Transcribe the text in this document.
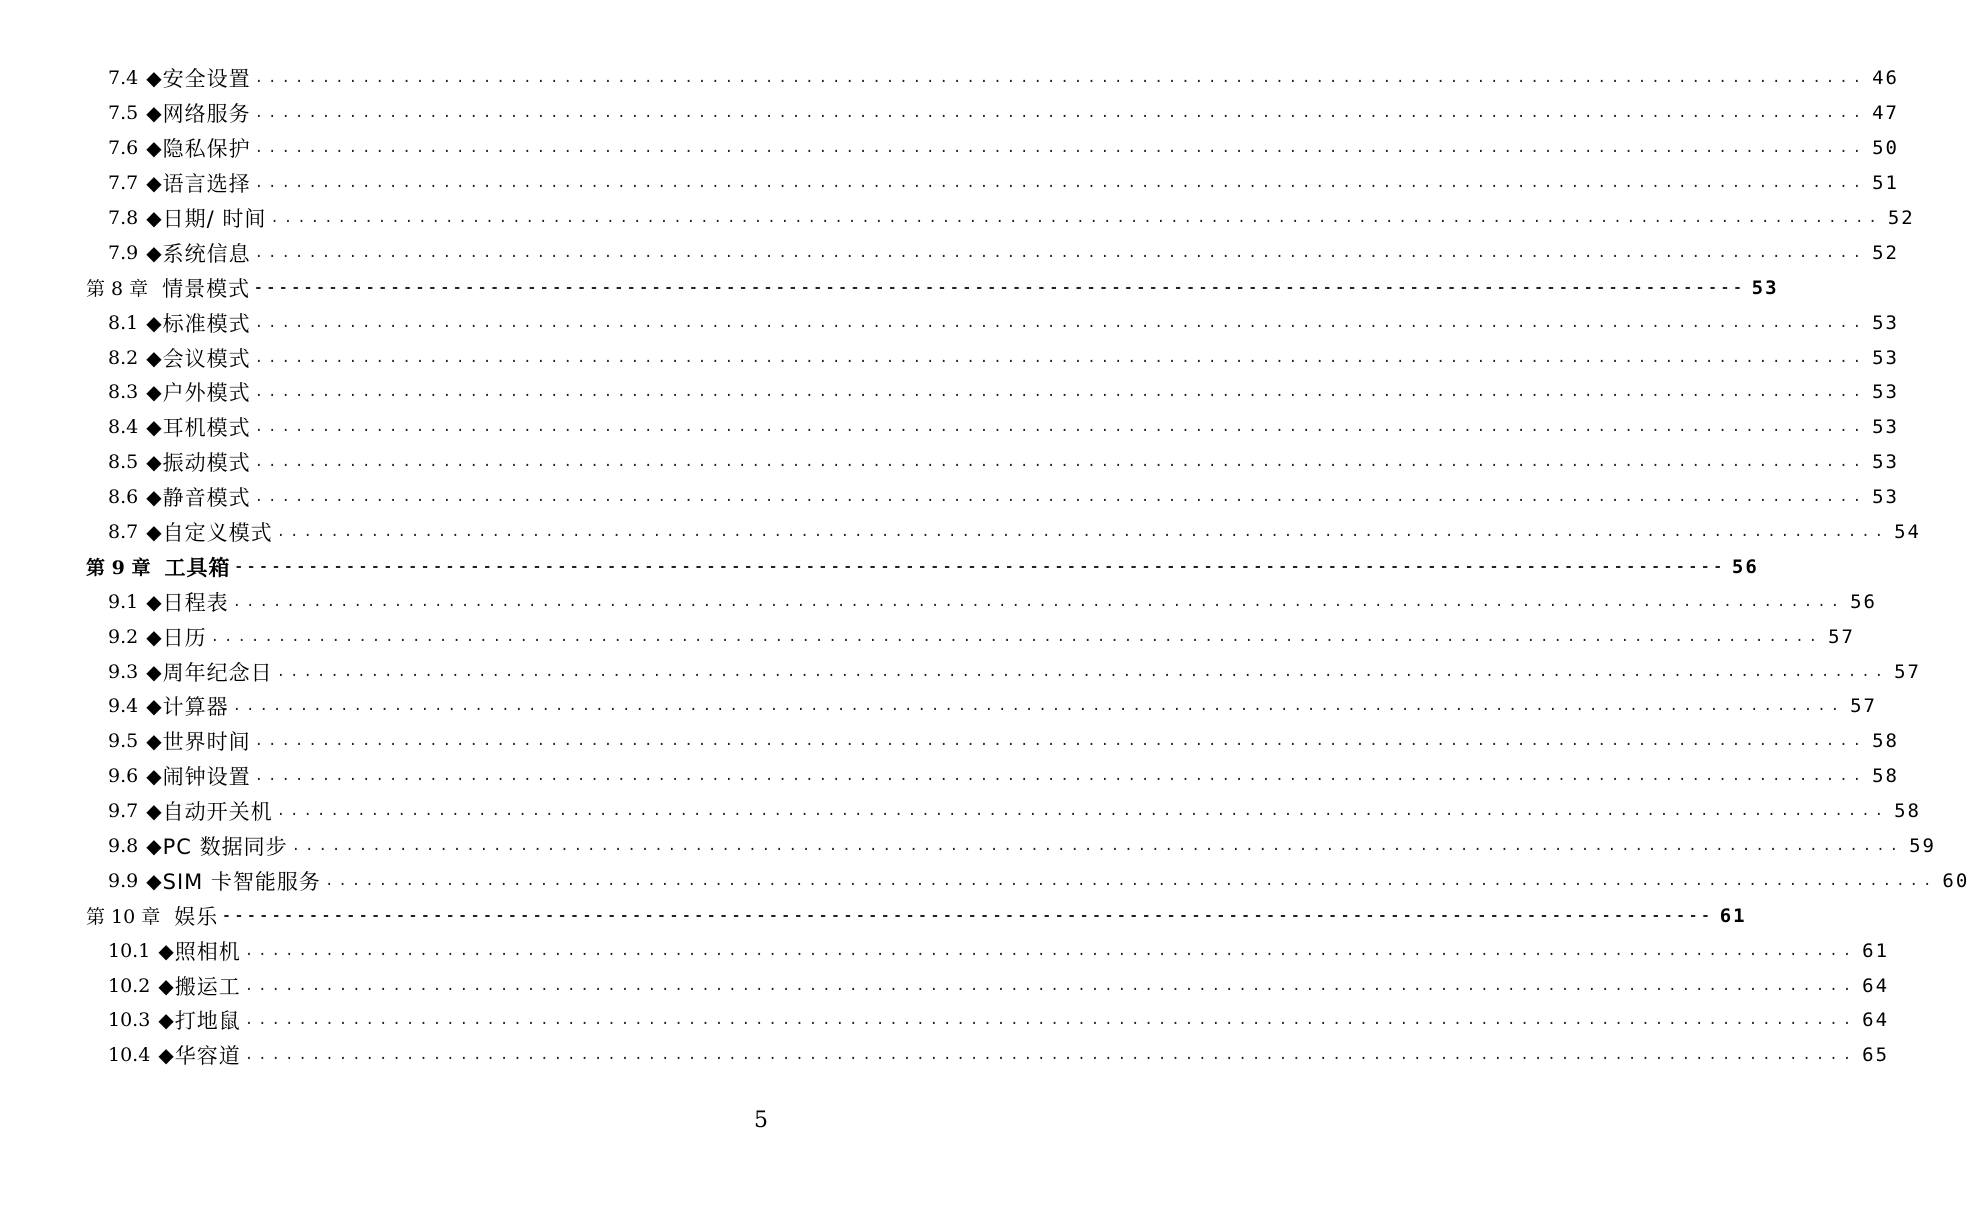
7.4 ◆ 安全设置 ........................................................................................................................ 46
7.5 ◆ 网络服务 ........................................................................................................................ 47
7.6 ◆ 隐私保护 ........................................................................................................................ 50
7.7 ◆ 语言选择 ........................................................................................................................ 51
7.8 ◆ 日期/ 时间 ........................................................................................................................ 52
7.9 ◆ 系统信息 ........................................................................................................................ 52
第 8 章 情景模式 ------------------------------------------------------------------------------------------------------------------------ 53
8.1 ◆ 标准模式 ........................................................................................................................ 53
8.2 ◆ 会议模式 ........................................................................................................................ 53
8.3 ◆ 户外模式 ........................................................................................................................ 53
8.4 ◆ 耳机模式 ........................................................................................................................ 53
8.5 ◆ 振动模式 ........................................................................................................................ 53
8.6 ◆ 静音模式 ........................................................................................................................ 53
8.7 ◆ 自定义模式 ........................................................................................................................ 54
第 9 章 工具箱 ------------------------------------------------------------------------------------------------------------------------ 56
9.1 ◆ 日程表 ........................................................................................................................ 56
9.2 ◆ 日历 ........................................................................................................................ 57
9.3 ◆ 周年纪念日 ........................................................................................................................ 57
9.4 ◆ 计算器 ........................................................................................................................ 57
9.5 ◆ 世界时间 ........................................................................................................................ 58
9.6 ◆ 闹钟设置 ........................................................................................................................ 58
9.7 ◆ 自动开关机 ........................................................................................................................ 58
9.8 ◆ PC 数据同步 ........................................................................................................................ 59
9.9 ◆ SIM 卡智能服务 ........................................................................................................................ 60
第 10 章 娱乐 ------------------------------------------------------------------------------------------------------------------------ 61
10.1 ◆ 照相机 ........................................................................................................................ 61
10.2 ◆ 搬运工 ........................................................................................................................ 64
10.3 ◆ 打地鼠 ........................................................................................................................ 64
10.4 ◆ 华容道 ........................................................................................................................ 65
5
